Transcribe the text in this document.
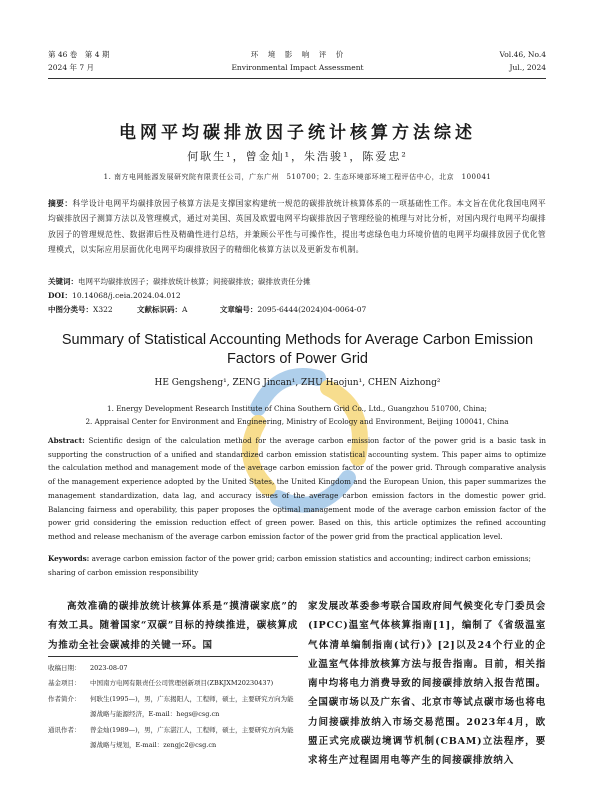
第 46 卷　第 4 期
2024 年 7 月
环　境　影　响　评　价
Environmental Impact Assessment
Vol.46, No.4
Jul., 2024
电网平均碳排放因子统计核算方法综述
何耿生¹，曾金灿¹，朱浩骏¹，陈爱忠²
1. 南方电网能源发展研究院有限责任公司，广东广州　510700；2. 生态环境部环境工程评估中心，北京　100041
摘要：科学设计电网平均碳排放因子核算方法是支撑国家构建统一规范的碳排放统计核算体系的一项基础性工作。本文旨在优化我国电网平均碳排放因子测算方法以及管理模式，通过对美国、英国及欧盟电网平均碳排放因子管理经验的梳理与对比分析，对国内现行电网平均碳排放因子的管理规范性、数据滞后性及精确性进行总结，并兼顾公平性与可操作性，提出考虑绿色电力环境价值的电网平均碳排放因子优化管理模式，以实际应用层面优化电网平均碳排放因子的精细化核算方法以及更新发布机制。
关键词：电网平均碳排放因子；碳排放统计核算；间接碳排放；碳排放责任分摊
DOI：10.14068/j.ceia.2024.04.012
中图分类号：X322	文献标识码：A	文章编号：2095-6444(2024)04-0064-07
Summary of Statistical Accounting Methods for Average Carbon Emission Factors of Power Grid
HE Gengsheng¹, ZENG Jincan¹, ZHU Haojun¹, CHEN Aizhong²
1. Energy Development Research Institute of China Southern Grid Co., Ltd., Guangzhou 510700, China;
2. Appraisal Center for Environment and Engineering, Ministry of Ecology and Environment, Beijing 100041, China
Abstract: Scientific design of the calculation method for the average carbon emission factor of the power grid is a basic task in supporting the construction of a unified and standardized carbon emission statistical accounting system. This paper aims to optimize the calculation method and management mode of the average carbon emission factor of the power grid. Through comparative analysis of the management experience adopted by the United States, the United Kingdom and the European Union, this paper summarizes the management standardization, data lag, and accuracy issues of the average carbon emission factors in the domestic power grid. Balancing fairness and operability, this paper proposes the optimal management mode of the average carbon emission factor of the power grid considering the emission reduction effect of green power. Based on this, this article optimizes the refined accounting method and release mechanism of the average carbon emission factor of the power grid from the practical application level.
Keywords: average carbon emission factor of the power grid; carbon emission statistics and accounting; indirect carbon emissions; sharing of carbon emission responsibility
高效准确的碳排放统计核算体系是“摸清碳家底”的有效工具。随着国家“双碳”目标的持续推进，碳核算成为推动全社会碳减排的关键一环。国
家发展改革委参考联合国政府间气候变化专门委员会(IPCC)温室气体核算指南[1]，编制了《省级温室气体清单编制指南(试行)》[2]以及24个行业的企业温室气体排放核算方法与报告指南。目前，相关指南中均将电力消费导致的间接碳排放纳入报告范围。全国碳市场以及广东省、北京市等试点碳市场也将电力间接碳排放纳入市场交易范围。2023年4月，欧盟正式完成碳边境调节机制(CBAM)立法程序，要求将生产过程固用电等产生的间接碳排放纳入
收稿日期：	2023-08-07
基金项目：	中国南方电网有限责任公司管理创新项目(ZBKJXM20230437)
作者简介：	何耿生(1995—)，男，广东揭阳人，工程师，硕士，主要研究方向为能源战略与能源经济，E-mail：hegs@csg.cn
通讯作者：	曾金灿(1989—)，男，广东湛江人，工程师，硕士，主要研究方向为能源战略与规划，E-mail：zengjc2@csg.cn
